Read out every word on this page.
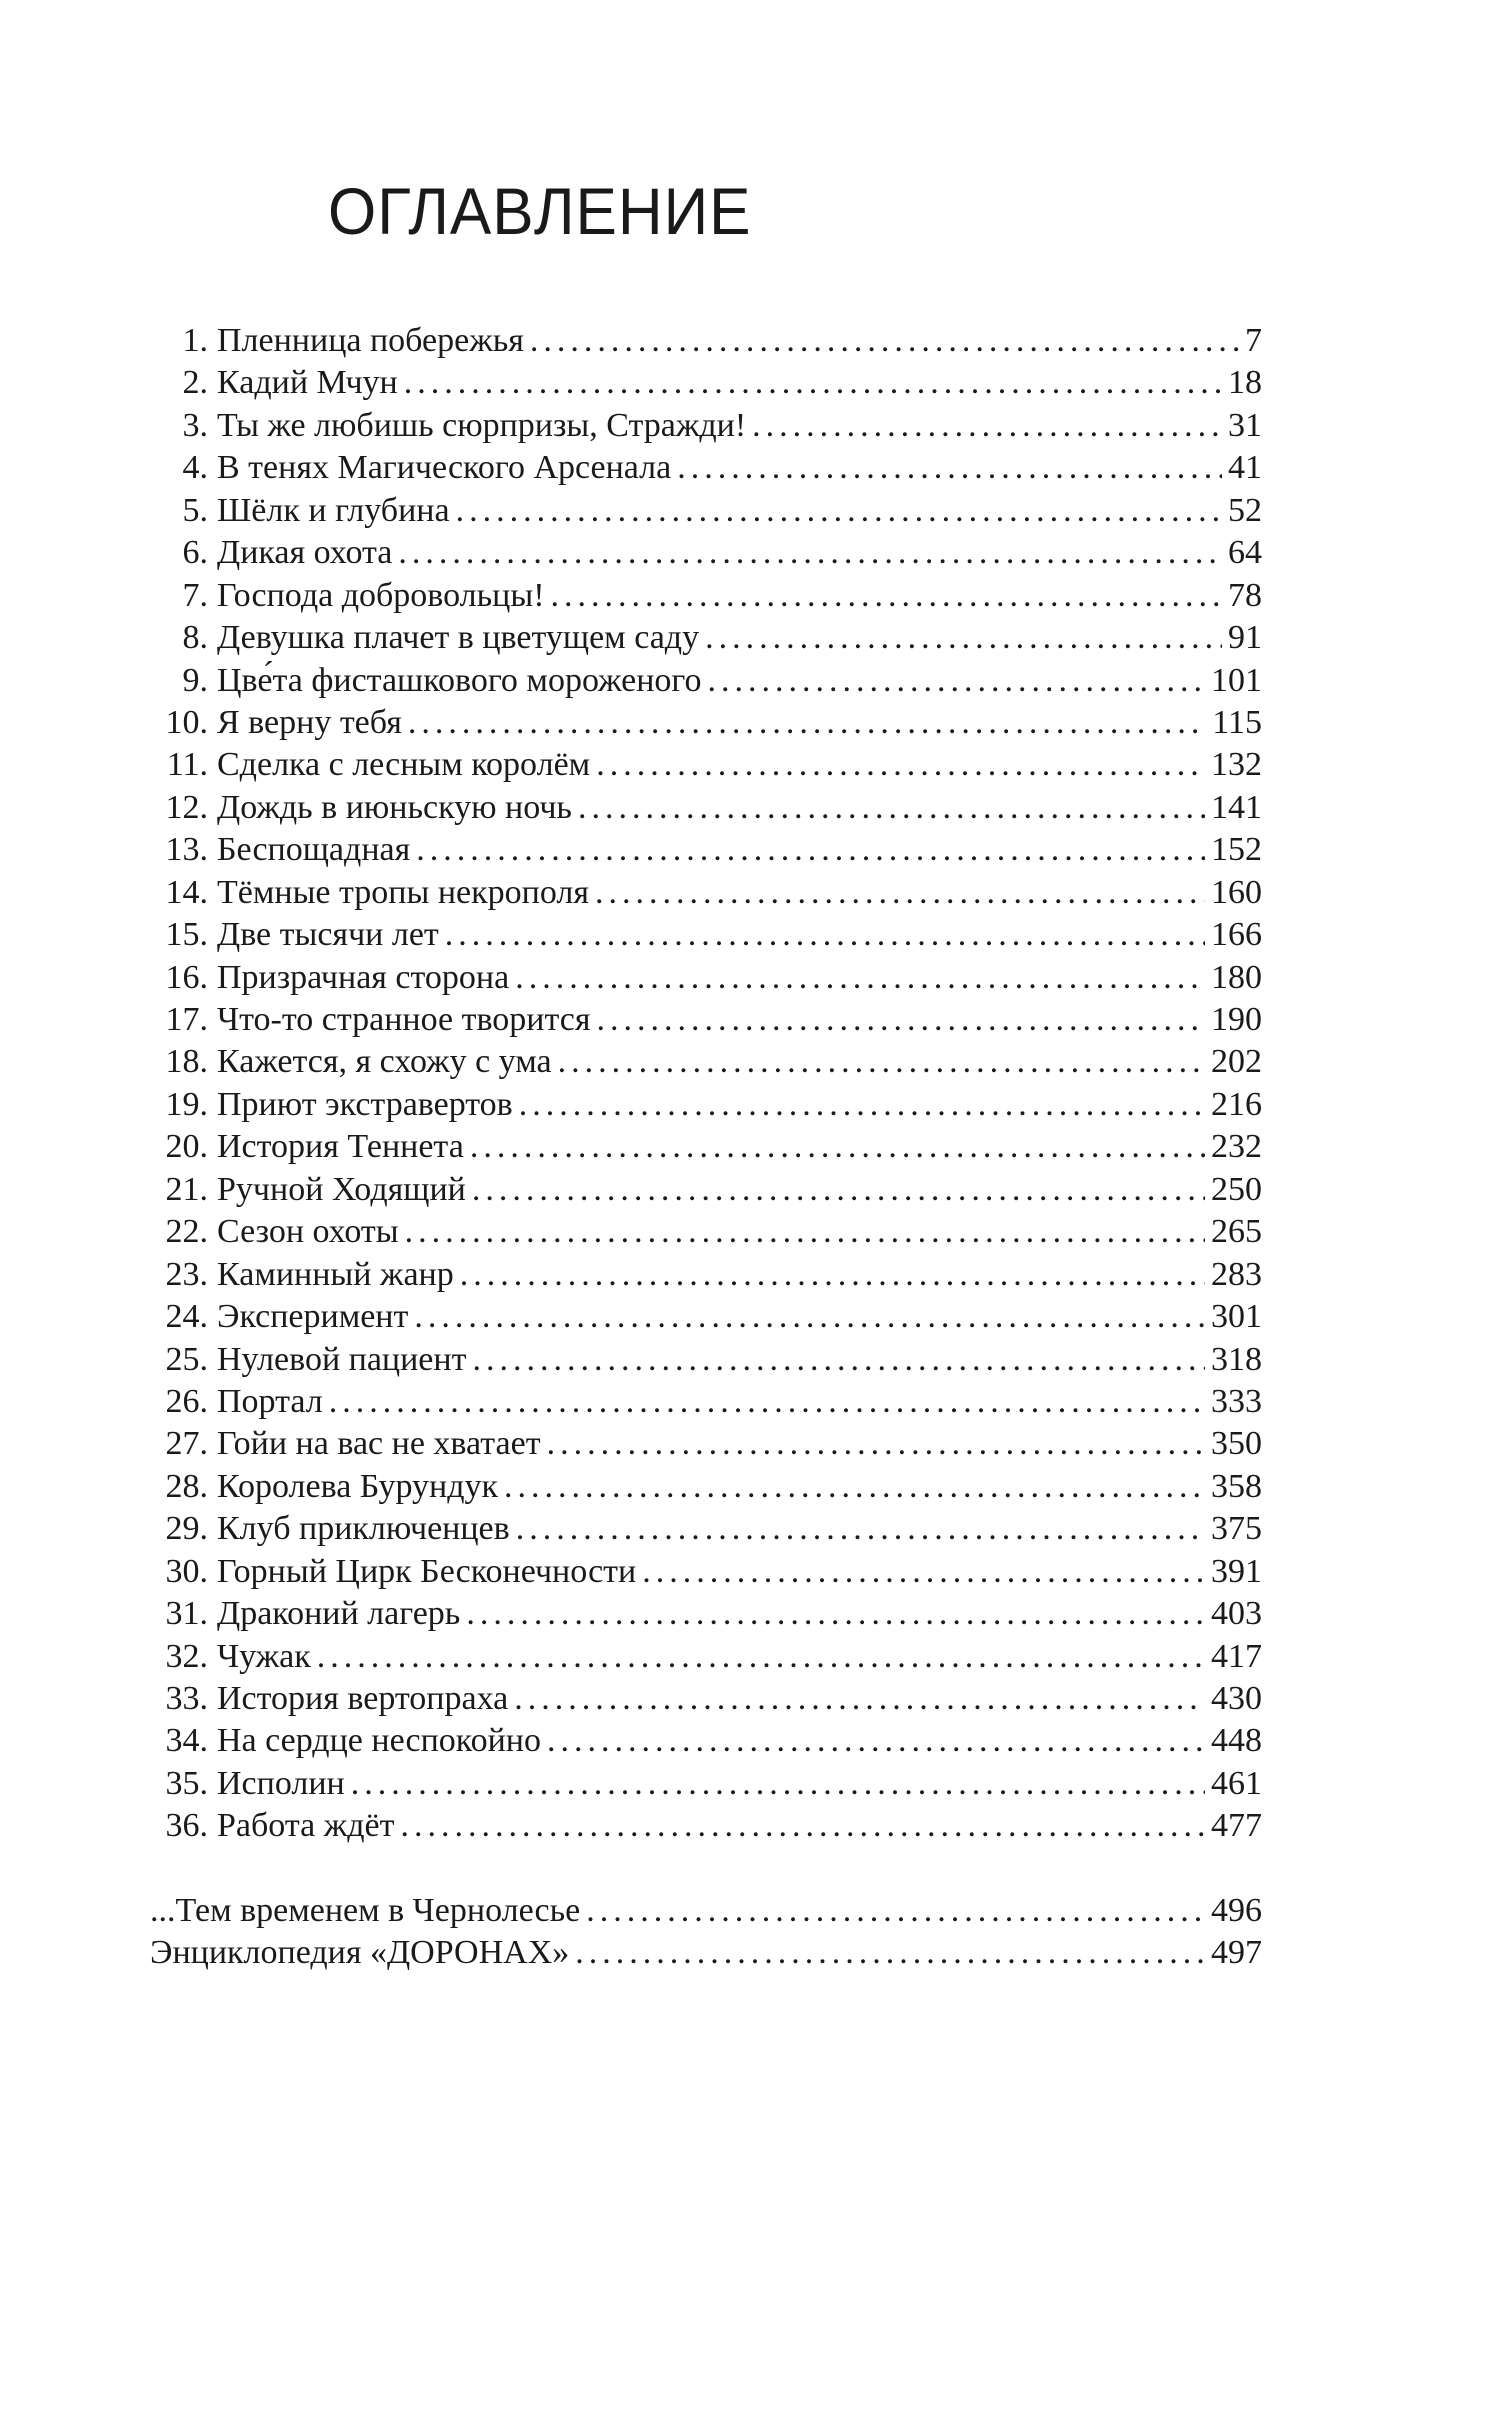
ОГЛАВЛЕНИЕ
1. Пленница побережья .....	7
2. Кадий Мчун .....	18
3. Ты же любишь сюрпризы, Стражди! .....	31
4. В тенях Магического Арсенала .....	41
5. Шёлк и глубина .....	52
6. Дикая охота .....	64
7. Господа добровольцы! .....	78
8. Девушка плачет в цветущем саду .....	91
9. Цве́та фисташкового мороженого .....	101
10. Я верну тебя .....	115
11. Сделка с лесным королём .....	132
12. Дождь в июньскую ночь .....	141
13. Беспощадная .....	152
14. Тёмные тропы некрополя .....	160
15. Две тысячи лет .....	166
16. Призрачная сторона .....	180
17. Что-то странное творится .....	190
18. Кажется, я схожу с ума .....	202
19. Приют экстравертов .....	216
20. История Теннета .....	232
21. Ручной Ходящий .....	250
22. Сезон охоты .....	265
23. Каминный жанр .....	283
24. Эксперимент .....	301
25. Нулевой пациент .....	318
26. Портал .....	333
27. Гойи на вас не хватает .....	350
28. Королева Бурундук .....	358
29. Клуб приключенцев .....	375
30. Горный Цирк Бесконечности .....	391
31. Драконий лагерь .....	403
32. Чужак .....	417
33. История вертопраха .....	430
34. На сердце неспокойно .....	448
35. Исполин .....	461
36. Работа ждёт .....	477
...Тем временем в Чернолесье .....	496
Энциклопедия «ДОРОНАХ» .....	497
